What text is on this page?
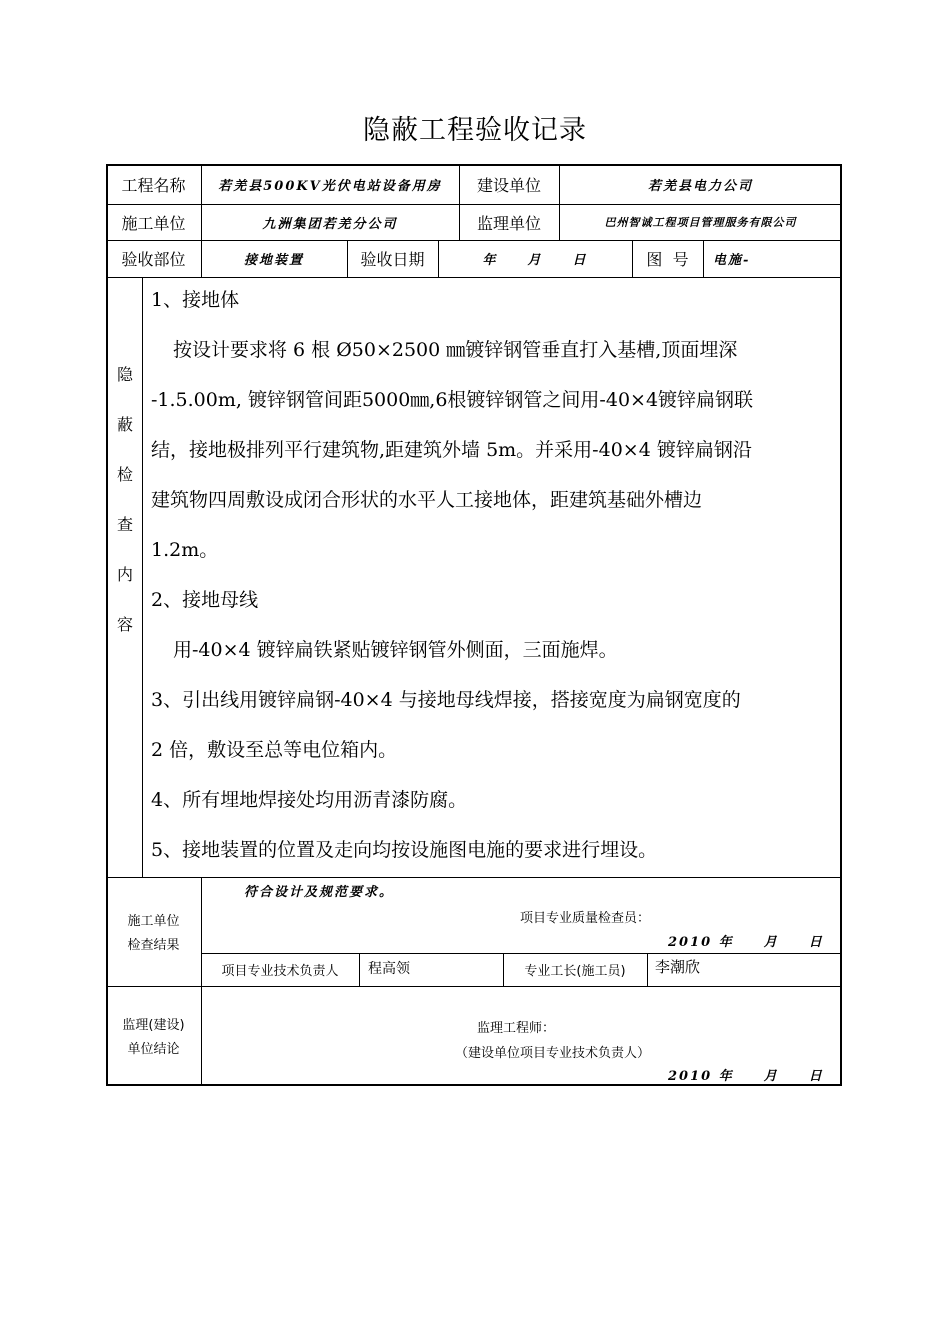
隐蔽工程验收记录
工程名称	若羌县500KV光伏电站设备用房	建设单位	若羌县电力公司
施工单位	九洲集团若羌分公司	监理单位	巴州智诚工程项目管理服务有限公司
验收部位	接地装置	验收日期	年　　月　　日	图  号	电施-
隐
蔽
检
查
内
容

1、接地体

按设计要求将 6 根 Ø50×2500 ㎜镀锌钢管垂直打入基槽,顶面埋深

-1.5.00m, 镀锌钢管间距5000㎜,6根镀锌钢管之间用-40×4镀锌扁钢联

结，接地极排列平行建筑物,距建筑外墙 5m。并采用-40×4 镀锌扁钢沿

建筑物四周敷设成闭合形状的水平人工接地体，距建筑基础外槽边

1.2m。

2、接地母线

用-40×4 镀锌扁铁紧贴镀锌钢管外侧面，三面施焊。

3、引出线用镀锌扁钢-40×4 与接地母线焊接，搭接宽度为扁钢宽度的

2 倍，敷设至总等电位箱内。

4、所有埋地焊接处均用沥青漆防腐。

5、接地装置的位置及走向均按设施图电施的要求进行埋设。

施工单位
检查结果
符合设计及规范要求。
项目专业质量检查员：
2010 年　　月　　日
项目专业技术负责人	程高领	专业工长(施工员)	李潮欣
监理(建设)
单位结论
监理工程师：
（建设单位项目专业技术负责人）
2010 年　　月　　日
